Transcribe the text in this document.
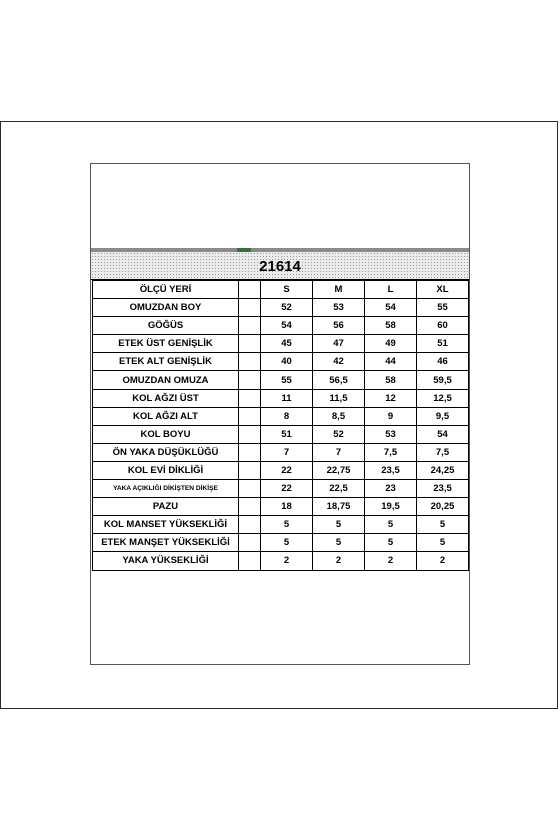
21614
ÖLÇÜ YERİ		S	M	L	XL
OMUZDAN BOY		52	53	54	55
GÖĞÜS		54	56	58	60
ETEK ÜST GENİŞLİK		45	47	49	51
ETEK ALT GENİŞLİK		40	42	44	46
OMUZDAN OMUZA		55	56,5	58	59,5
KOL AĞZI ÜST		11	11,5	12	12,5
KOL AĞZI ALT		8	8,5	9	9,5
KOL BOYU		51	52	53	54
ÖN YAKA DÜŞÜKLÜĞÜ		7	7	7,5	7,5
KOL EVİ DİKLİĞİ		22	22,75	23,5	24,25
YAKA AÇIKLIĞI DİKİŞTEN DİKİŞE		22	22,5	23	23,5
PAZU		18	18,75	19,5	20,25
KOL MANSET YÜKSEKLİĞİ		5	5	5	5
ETEK MANŞET YÜKSEKLİĞİ		5	5	5	5
YAKA YÜKSEKLİĞİ		2	2	2	2
